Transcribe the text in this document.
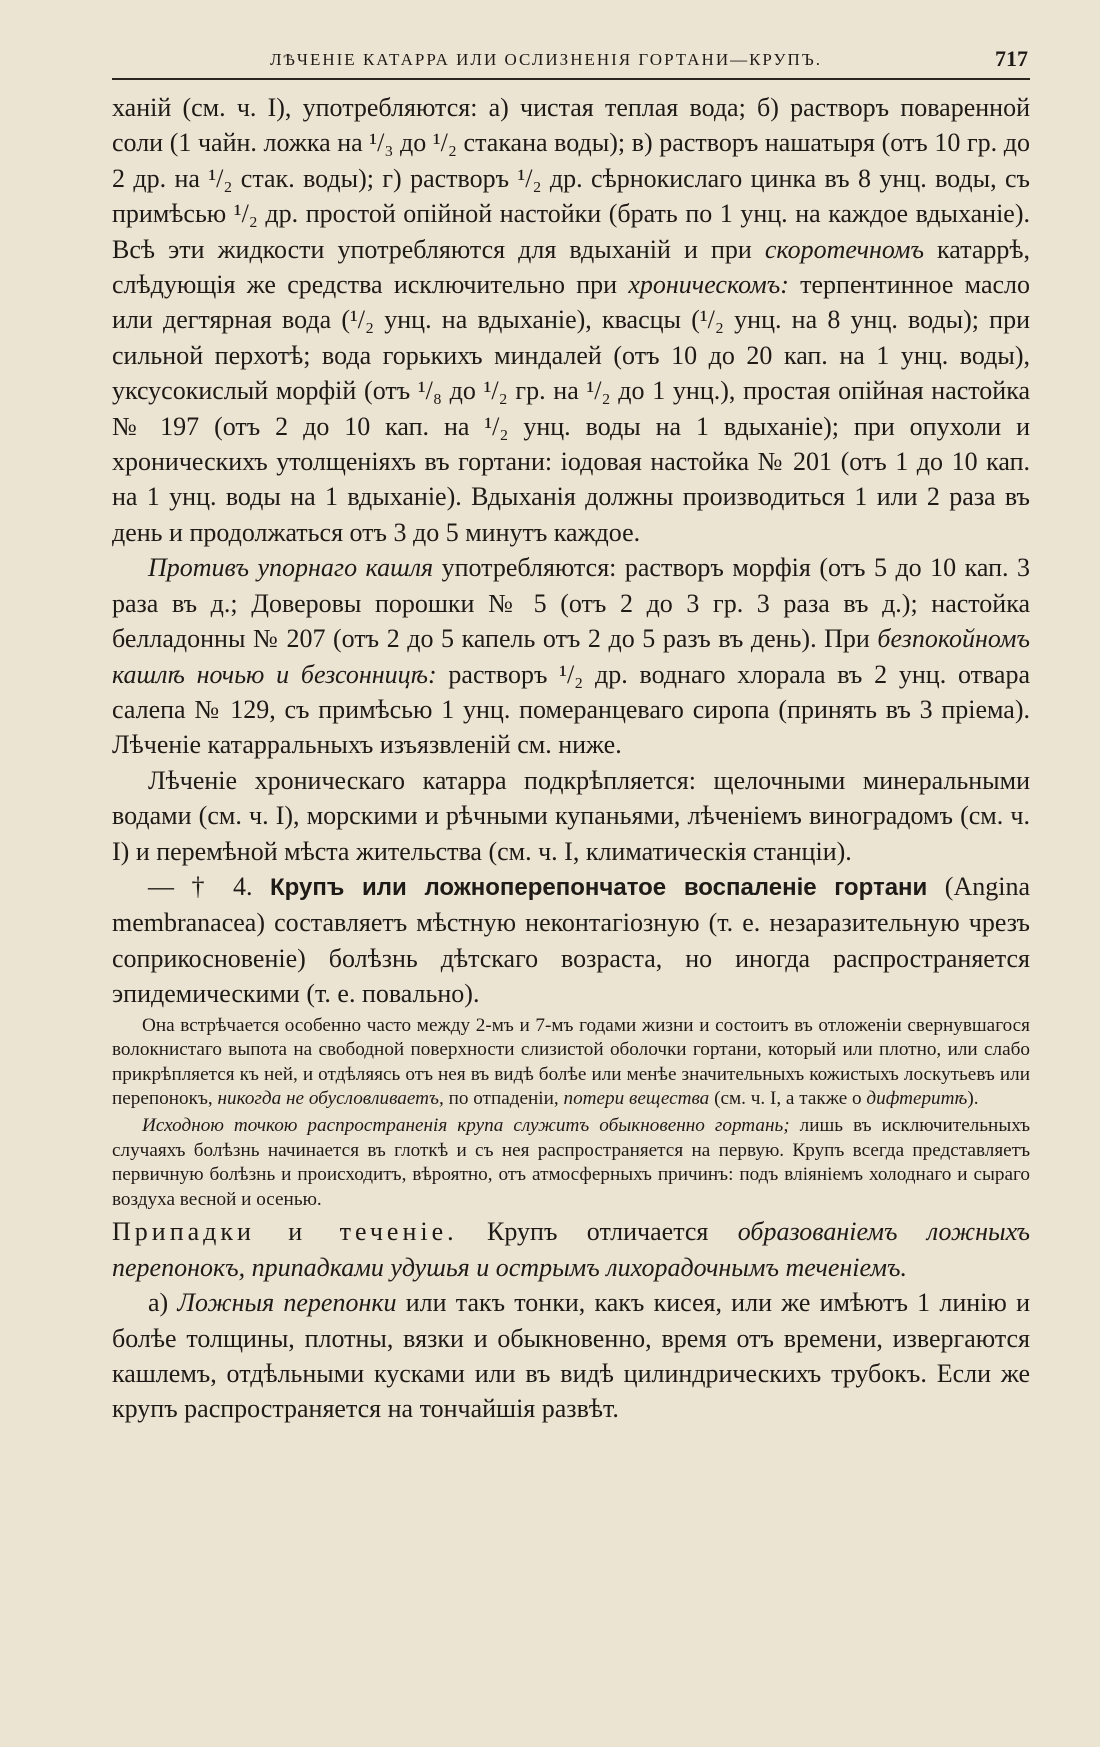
ЛѢЧЕНІЕ КАТАРРА ИЛИ ОСЛИЗНЕНІЯ ГОРТАНИ—КРУПЪ.	717

ханій (см. ч. I), употребляются: а) чистая теплая вода; б) растворъ поваренной соли (1 чайн. ложка на ¹/₃ до ¹/₂ стакана воды); в) растворъ нашатыря (отъ 10 гр. до 2 др. на ¹/₂ стак. воды); г) растворъ ¹/₂ др. сѣрнокислаго цинка въ 8 унц. воды, съ примѣсью ¹/₂ др. простой опійной настойки (брать по 1 унц. на каждое вдыханіе). Всѣ эти жидкости употребляются для вдыханій и при скоротечномъ катаррѣ, слѣдующія же средства исключительно при хроническомъ: терпентинное масло или дегтярная вода (¹/₂ унц. на вдыханіе), квасцы (¹/₂ унц. на 8 унц. воды); при сильной перхотѣ; вода горькихъ миндалей (отъ 10 до 20 кап. на 1 унц. воды), уксусокислый морфій (отъ ¹/₈ до ¹/₂ гр. на ¹/₂ до 1 унц.), простая опійная настойка № 197 (отъ 2 до 10 кап. на ¹/₂ унц. воды на 1 вдыханіе); при опухоли и хроническихъ утолщеніяхъ въ гортани: іодовая настойка № 201 (отъ 1 до 10 кап. на 1 унц. воды на 1 вдыханіе). Вдыханія должны производиться 1 или 2 раза въ день и продолжаться отъ 3 до 5 минутъ каждое.

Противъ упорнаго кашля употребляются: растворъ морфія (отъ 5 до 10 кап. 3 раза въ д.; Доверовы порошки № 5 (отъ 2 до 3 гр. 3 раза въ д.); настойка белладонны № 207 (отъ 2 до 5 капель отъ 2 до 5 разъ въ день). При безпокойномъ кашлѣ ночью и безсонницѣ: растворъ ¹/₂ др. воднаго хлорала въ 2 унц. отвара салепа № 129, съ примѣсью 1 унц. померанцеваго сиропа (принять въ 3 пріема). Лѣченіе катарральныхъ изъязвленій см. ниже.

Лѣченіе хроническаго катарра подкрѣпляется: щелочными минеральными водами (см. ч. I), морскими и рѣчными купаньями, лѣченіемъ виноградомъ (см. ч. I) и перемѣной мѣста жительства (см. ч. I, климатическія станціи).

— † 4. Крупъ или ложноперепончатое воспаленіе гортани (Angina membranacea) составляетъ мѣстную неконтагіозную (т. е. незаразительную чрезъ соприкосновеніе) болѣзнь дѣтскаго возраста, но иногда распространяется эпидемическими (т. е. повально).

Она встрѣчается особенно часто между 2-мъ и 7-мъ годами жизни и состоитъ въ отложеніи свернувшагося волокнистаго выпота на свободной поверхности слизистой оболочки гортани, который или плотно, или слабо прикрѣпляется къ ней, и отдѣляясь отъ нея въ видѣ болѣе или менѣе значительныхъ кожистыхъ лоскутьевъ или перепонокъ, никогда не обусловливаетъ, по отпаденіи, потери вещества (см. ч. I, а также о дифтеритѣ).

Исходною точкою распространенія крупа служитъ обыкновенно гортань; лишь въ исключительныхъ случаяхъ болѣзнь начинается въ глоткѣ и съ нея распространяется на первую. Крупъ всегда представляетъ первичную болѣзнь и происходитъ, вѣроятно, отъ атмосферныхъ причинъ: подъ вліяніемъ холоднаго и сыраго воздуха весной и осенью.

Припадки и теченіе. Крупъ отличается образованіемъ ложныхъ перепонокъ, припадками удушья и острымъ лихорадочнымъ теченіемъ.

а) Ложныя перепонки или такъ тонки, какъ кисея, или же имѣютъ 1 линію и болѣе толщины, плотны, вязки и обыкновенно, время отъ времени, извергаются кашлемъ, отдѣльными кусками или въ видѣ цилиндрическихъ трубокъ. Если же крупъ распространяется на тончайшія развѣт.
